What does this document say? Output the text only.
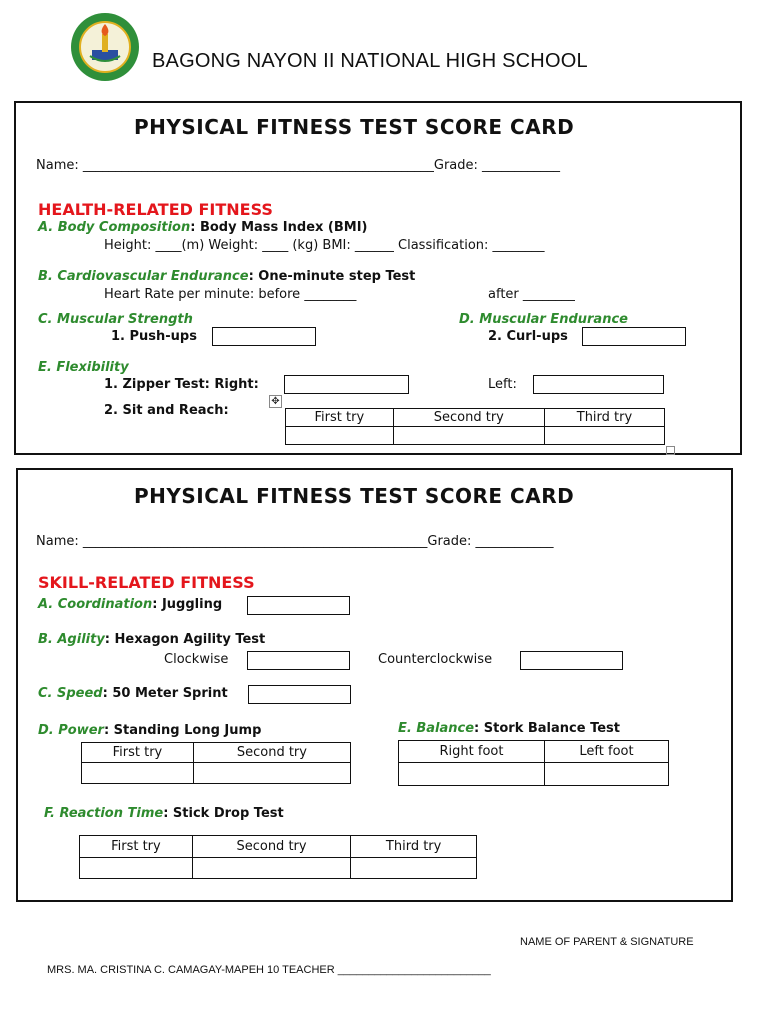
BAGONG NAYON II NATIONAL HIGH SCHOOL
PHYSICAL FITNESS TEST SCORE CARD
Name: ______________________________________________________Grade: ____________
HEALTH-RELATED FITNESS
A. Body Composition: Body Mass Index (BMI)
Height: ____(m) Weight: ____ (kg) BMI: ______ Classification: ________
B. Cardiovascular Endurance: One-minute step Test
Heart Rate per minute: before ________	after ________
C. Muscular Strength
1. Push-ups
D. Muscular Endurance
2. Curl-ups
E. Flexibility
1. Zipper Test: Right:	Left:
2. Sit and Reach:
✥
First try	Second try	Third try

PHYSICAL FITNESS TEST SCORE CARD
Name: _____________________________________________________Grade: ____________
SKILL-RELATED FITNESS
A. Coordination: Juggling
B. Agility: Hexagon Agility Test
Clockwise	Counterclockwise
C. Speed: 50 Meter Sprint
D. Power: Standing Long Jump
First try	Second try

E. Balance: Stork Balance Test
Right foot	Left foot

F. Reaction Time: Stick Drop Test
First try	Second try	Third try

NAME OF PARENT & SIGNATURE
MRS. MA. CRISTINA C. CAMAGAY-MAPEH 10 TEACHER _________________________
